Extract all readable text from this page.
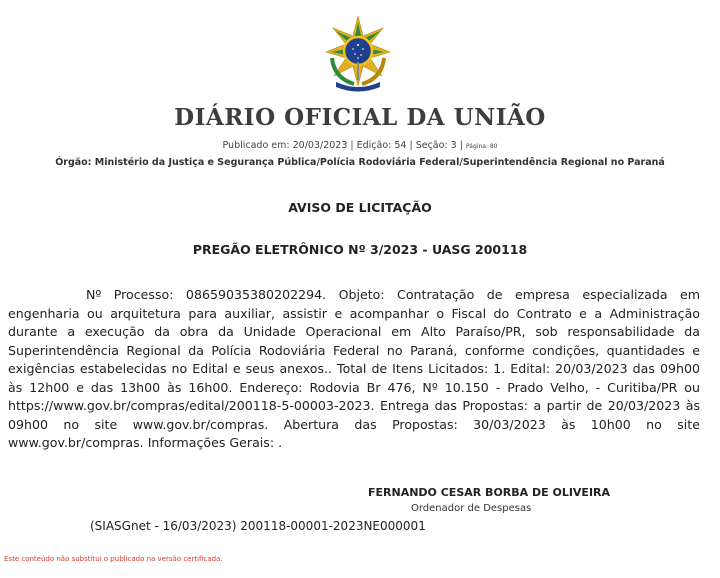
DIÁRIO OFICIAL DA UNIÃO
Publicado em: 20/03/2023 | Edição: 54 | Seção: 3 | Página: 80
Órgão: Ministério da Justiça e Segurança Pública/Polícia Rodoviária Federal/Superintendência Regional no Paraná
AVISO DE LICITAÇÃO
PREGÃO ELETRÔNICO Nº 3/2023 - UASG 200118
Nº Processo: 08659035380202294. Objeto: Contratação de empresa especializada em engenharia ou arquitetura para auxiliar, assistir e acompanhar o Fiscal do Contrato e a Administração durante a execução da obra da Unidade Operacional em Alto Paraíso/PR, sob responsabilidade da Superintendência Regional da Polícia Rodoviária Federal no Paraná, conforme condições, quantidades e exigências estabelecidas no Edital e seus anexos.. Total de Itens Licitados: 1. Edital: 20/03/2023 das 09h00 às 12h00 e das 13h00 às 16h00. Endereço: Rodovia Br 476, Nº 10.150 - Prado Velho, - Curitiba/PR ou https://www.gov.br/compras/edital/200118-5-00003-2023. Entrega das Propostas: a partir de 20/03/2023 às 09h00 no site www.gov.br/compras. Abertura das Propostas: 30/03/2023 às 10h00 no site www.gov.br/compras. Informações Gerais: .
FERNANDO CESAR BORBA DE OLIVEIRA
Ordenador de Despesas
(SIASGnet - 16/03/2023) 200118-00001-2023NE000001
Este conteúdo não substitui o publicado na versão certificada.
